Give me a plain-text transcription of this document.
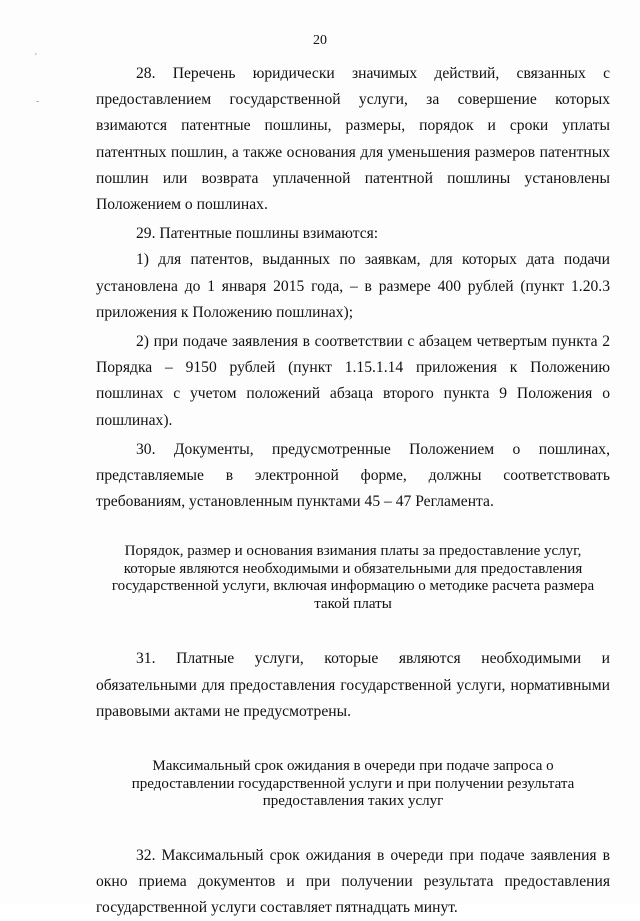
20
'
-

28. Перечень юридически значимых действий, связанных с предоставлением государственной услуги, за совершение которых взимаются патентные пошлины, размеры, порядок и сроки уплаты патентных пошлин, а также основания для уменьшения размеров патентных пошлин или возврата уплаченной патентной пошлины установлены Положением о пошлинах.

29. Патентные пошлины взимаются:

1) для патентов, выданных по заявкам, для которых дата подачи установлена до 1 января 2015 года, – в размере 400 рублей (пункт 1.20.3 приложения к Положению пошлинах);

2) при подаче заявления в соответствии с абзацем четвертым пункта 2 Порядка – 9150 рублей (пункт 1.15.1.14 приложения к Положению пошлинах с учетом положений абзаца второго пункта 9 Положения о пошлинах).

30. Документы, предусмотренные Положением о пошлинах, представляемые в электронной форме, должны соответствовать требованиям, установленным пунктами 45 – 47 Регламента.

Порядок, размер и основания взимания платы за предоставление услуг, которые являются необходимыми и обязательными для предоставления государственной услуги, включая информацию о методике расчета размера такой платы

31. Платные услуги, которые являются необходимыми и обязательными для предоставления государственной услуги, нормативными правовыми актами не предусмотрены.

Максимальный срок ожидания в очереди при подаче запроса о предоставлении государственной услуги и при получении результата предоставления таких услуг

32. Максимальный срок ожидания в очереди при подаче заявления в окно приема документов и при получении результата предоставления государственной услуги составляет пятнадцать минут.
